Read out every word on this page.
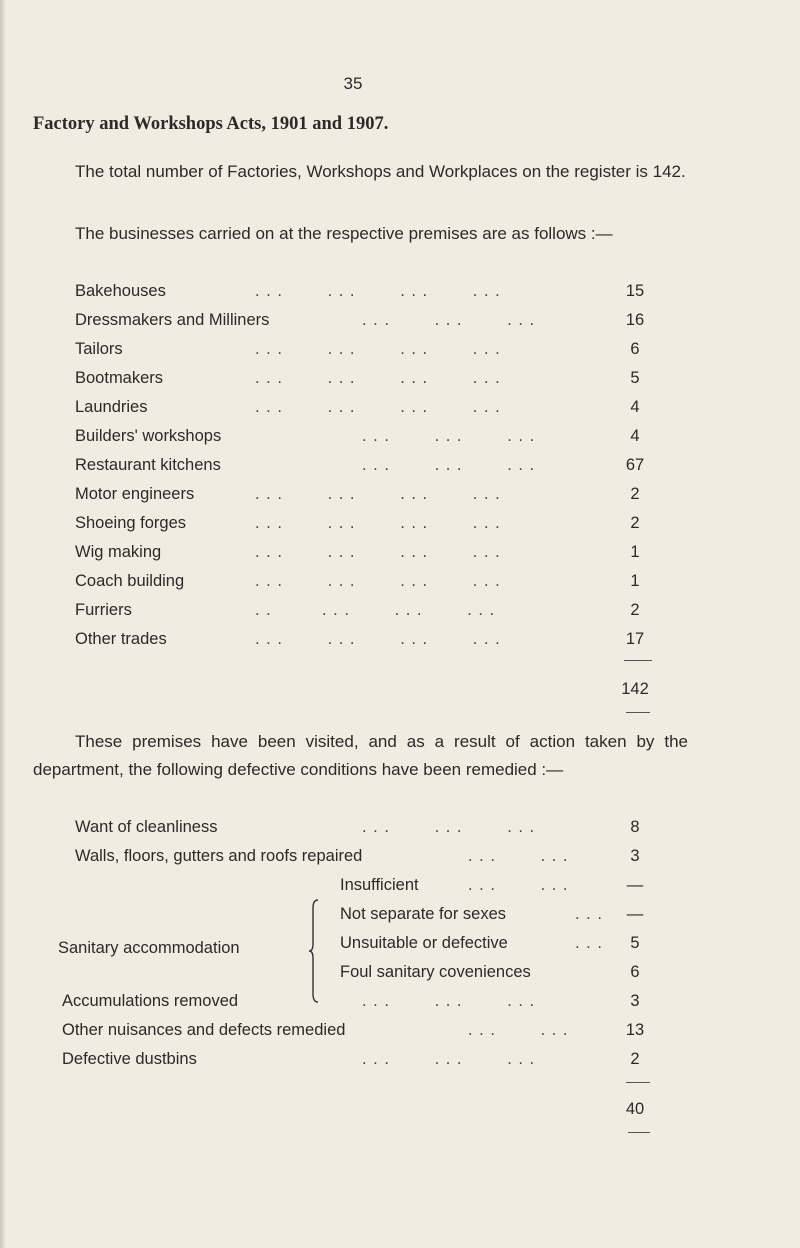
35
Factory and Workshops Acts, 1901 and 1907.

The total number of Factories, Workshops and Workplaces on the register is 142.

The businesses carried on at the respective premises are as follows :—

Bakehouses	. . .        . . .        . . .        . . .	15
Dressmakers and Milliners	. . .        . . .        . . .	16
Tailors	. . .        . . .        . . .        . . .	6
Bootmakers	. . .        . . .        . . .        . . .	5
Laundries	. . .        . . .        . . .        . . .	4
Builders' workshops	. . .        . . .        . . .	4
Restaurant kitchens	. . .        . . .        . . .	67
Motor engineers	. . .        . . .        . . .        . . .	2
Shoeing forges	. . .        . . .        . . .        . . .	2
Wig making	. . .        . . .        . . .        . . .	1
Coach building	. . .        . . .        . . .        . . .	1
Furriers	. .         . . .        . . .        . . .	2
Other trades	. . .        . . .        . . .        . . .	17
142

These premises have been visited, and as a result of action taken by the department, the following defective conditions have been remedied :—

Want of cleanliness	. . .        . . .        . . .	8
Walls, floors, gutters and roofs repaired	. . .        . . .	3
Sanitary accommodation
Insufficient	. . .        . . .	—
Not separate for sexes	. . .	—
Unsuitable or defective	. . .	5
Foul sanitary coveniences	6
Accumulations removed	. . .        . . .        . . .	3
Other nuisances and defects remedied	. . .        . . .	13
Defective dustbins	. . .        . . .        . . .	2
40
